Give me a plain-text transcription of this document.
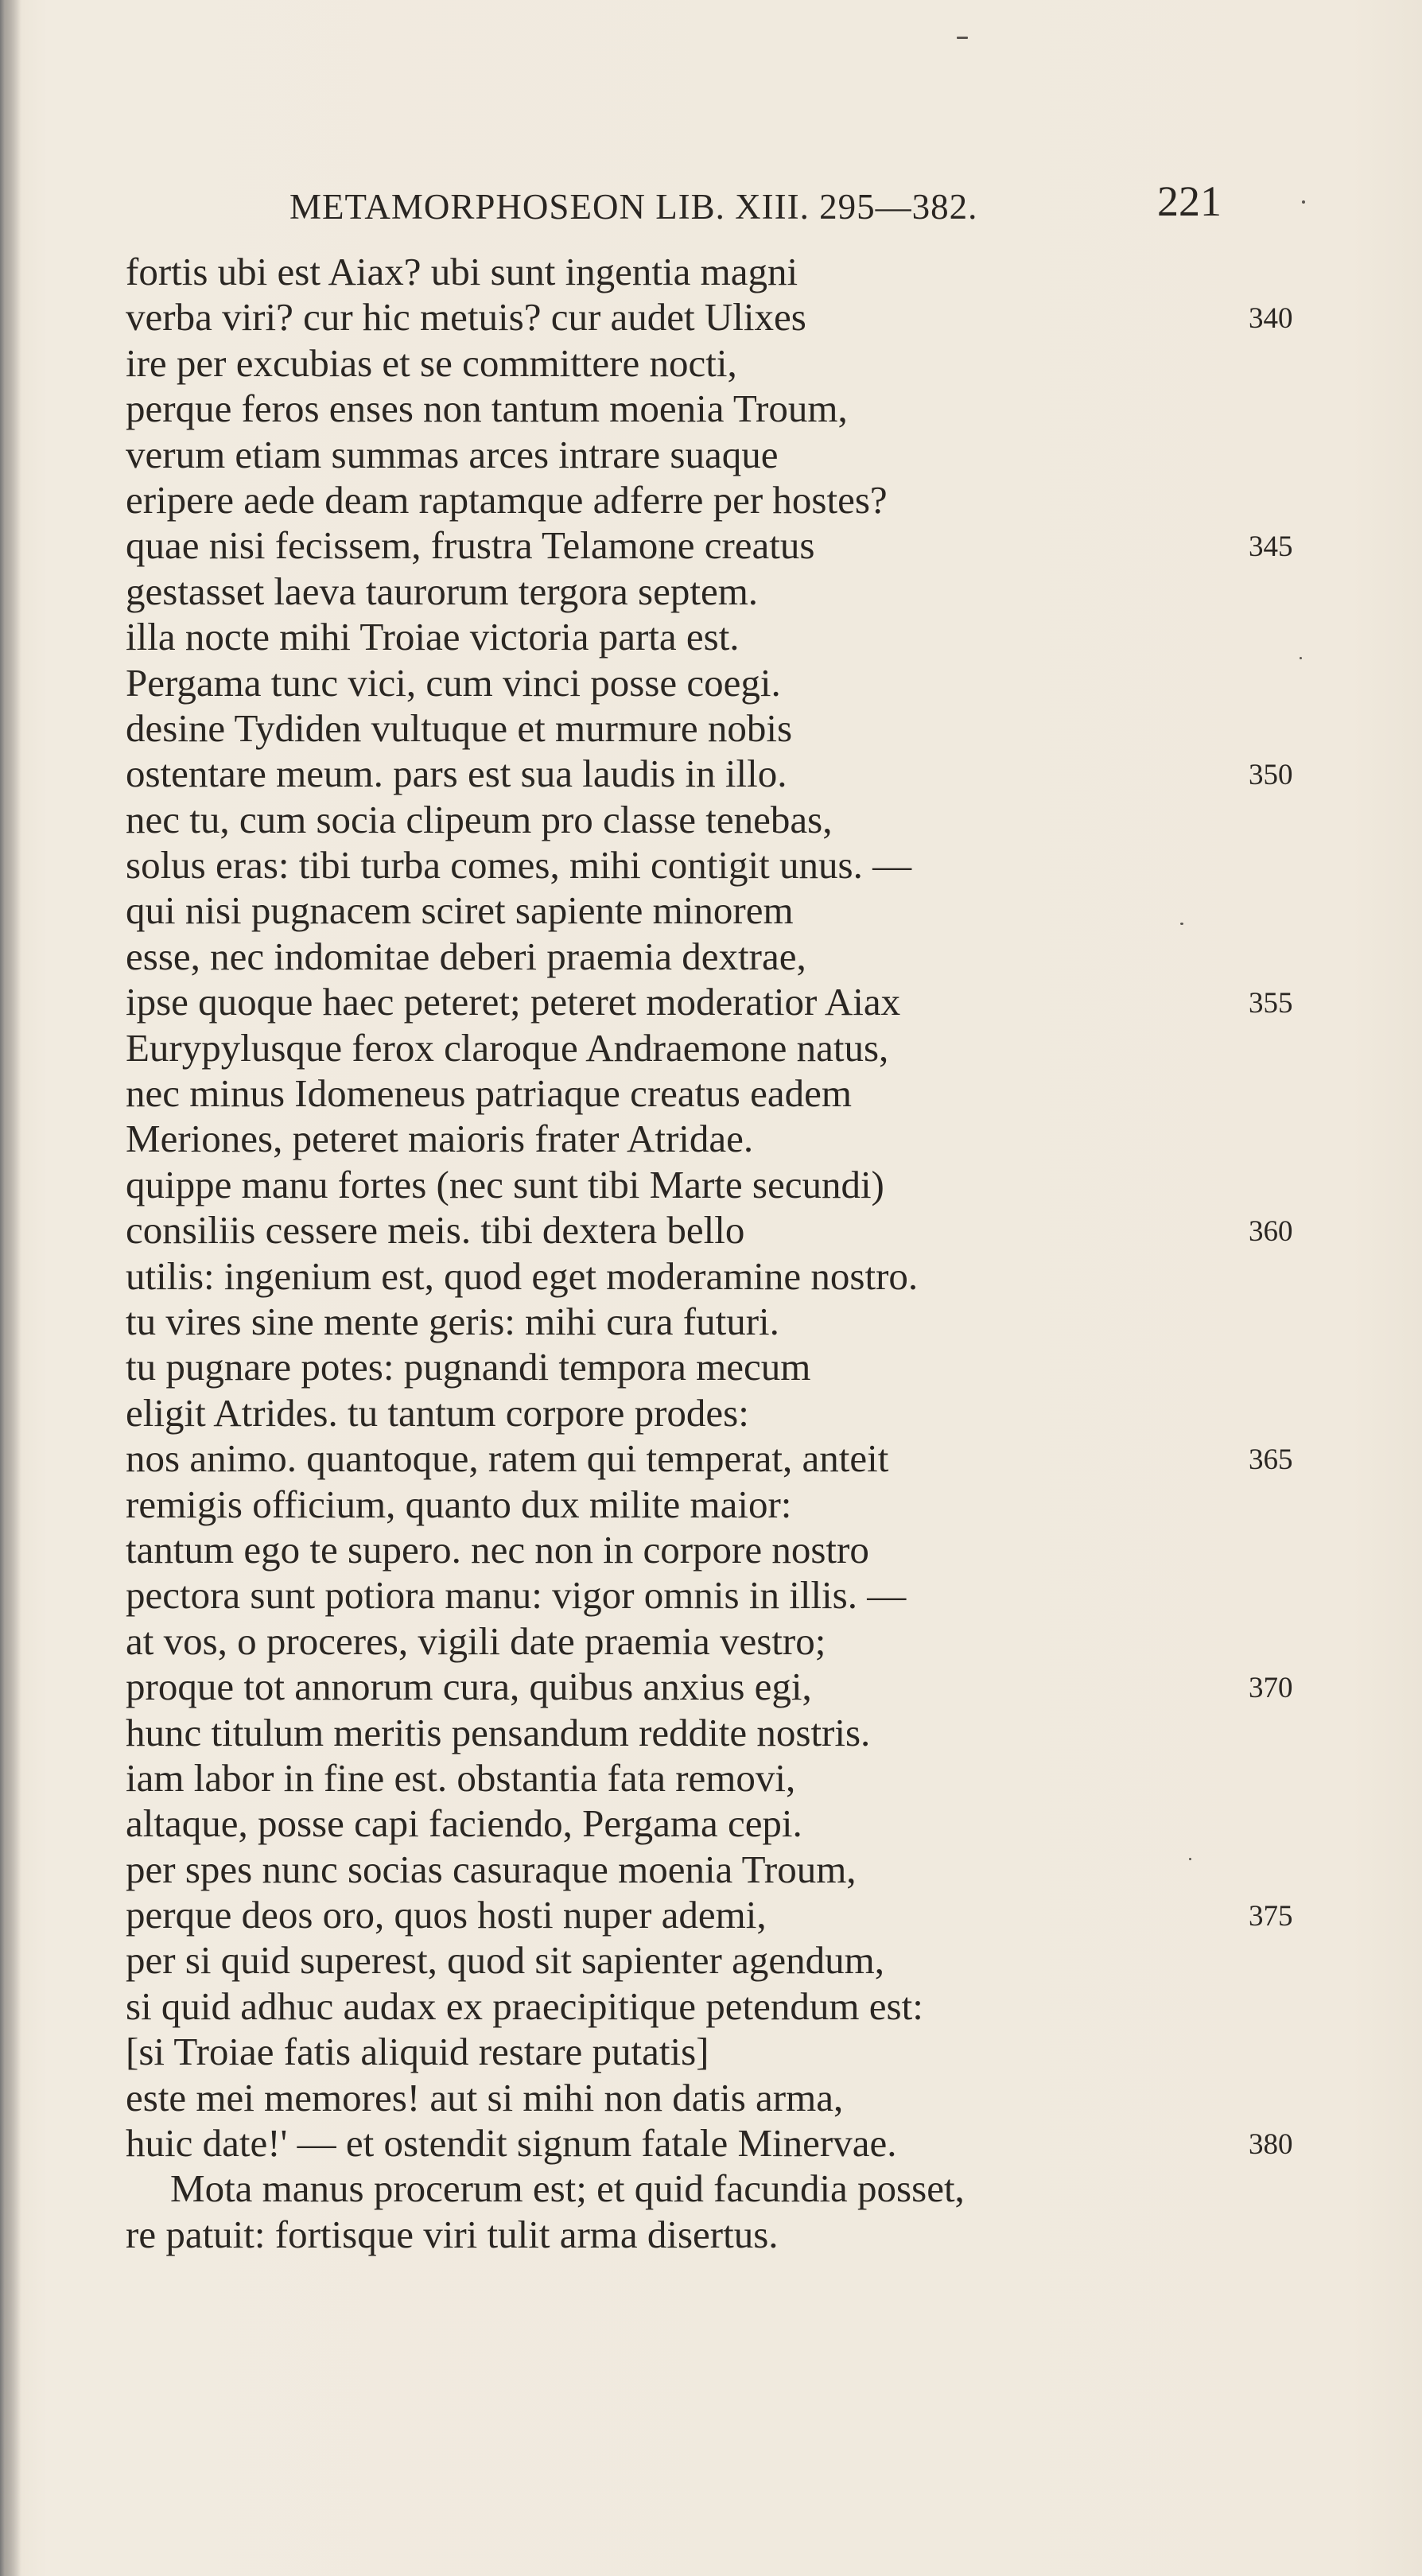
METAMORPHOSEON LIB. XIII. 295—382.	221
fortis ubi est Aiax? ubi sunt ingentia magni
verba viri? cur hic metuis? cur audet Ulixes	340
ire per excubias et se committere nocti,
perque feros enses non tantum moenia Troum,
verum etiam summas arces intrare suaque
eripere aede deam raptamque adferre per hostes?
quae nisi fecissem, frustra Telamone creatus	345
gestasset laeva taurorum tergora septem.
illa nocte mihi Troiae victoria parta est.
Pergama tunc vici, cum vinci posse coegi.
desine Tydiden vultuque et murmure nobis
ostentare meum. pars est sua laudis in illo.	350
nec tu, cum socia clipeum pro classe tenebas,
solus eras: tibi turba comes, mihi contigit unus. —
qui nisi pugnacem sciret sapiente minorem
esse, nec indomitae deberi praemia dextrae,
ipse quoque haec peteret; peteret moderatior Aiax	355
Eurypylusque ferox claroque Andraemone natus,
nec minus Idomeneus patriaque creatus eadem
Meriones, peteret maioris frater Atridae.
quippe manu fortes (nec sunt tibi Marte secundi)
consiliis cessere meis. tibi dextera bello	360
utilis: ingenium est, quod eget moderamine nostro.
tu vires sine mente geris: mihi cura futuri.
tu pugnare potes: pugnandi tempora mecum
eligit Atrides. tu tantum corpore prodes:
nos animo. quantoque, ratem qui temperat, anteit	365
remigis officium, quanto dux milite maior:
tantum ego te supero. nec non in corpore nostro
pectora sunt potiora manu: vigor omnis in illis. —
at vos, o proceres, vigili date praemia vestro;
proque tot annorum cura, quibus anxius egi,	370
hunc titulum meritis pensandum reddite nostris.
iam labor in fine est. obstantia fata removi,
altaque, posse capi faciendo, Pergama cepi.
per spes nunc socias casuraque moenia Troum,
perque deos oro, quos hosti nuper ademi,	375
per si quid superest, quod sit sapienter agendum,
si quid adhuc audax ex praecipitique petendum est:
[si Troiae fatis aliquid restare putatis]
este mei memores! aut si mihi non datis arma,
huic date!' — et ostendit signum fatale Minervae.	380
Mota manus procerum est; et quid facundia posset,
re patuit: fortisque viri tulit arma disertus.
